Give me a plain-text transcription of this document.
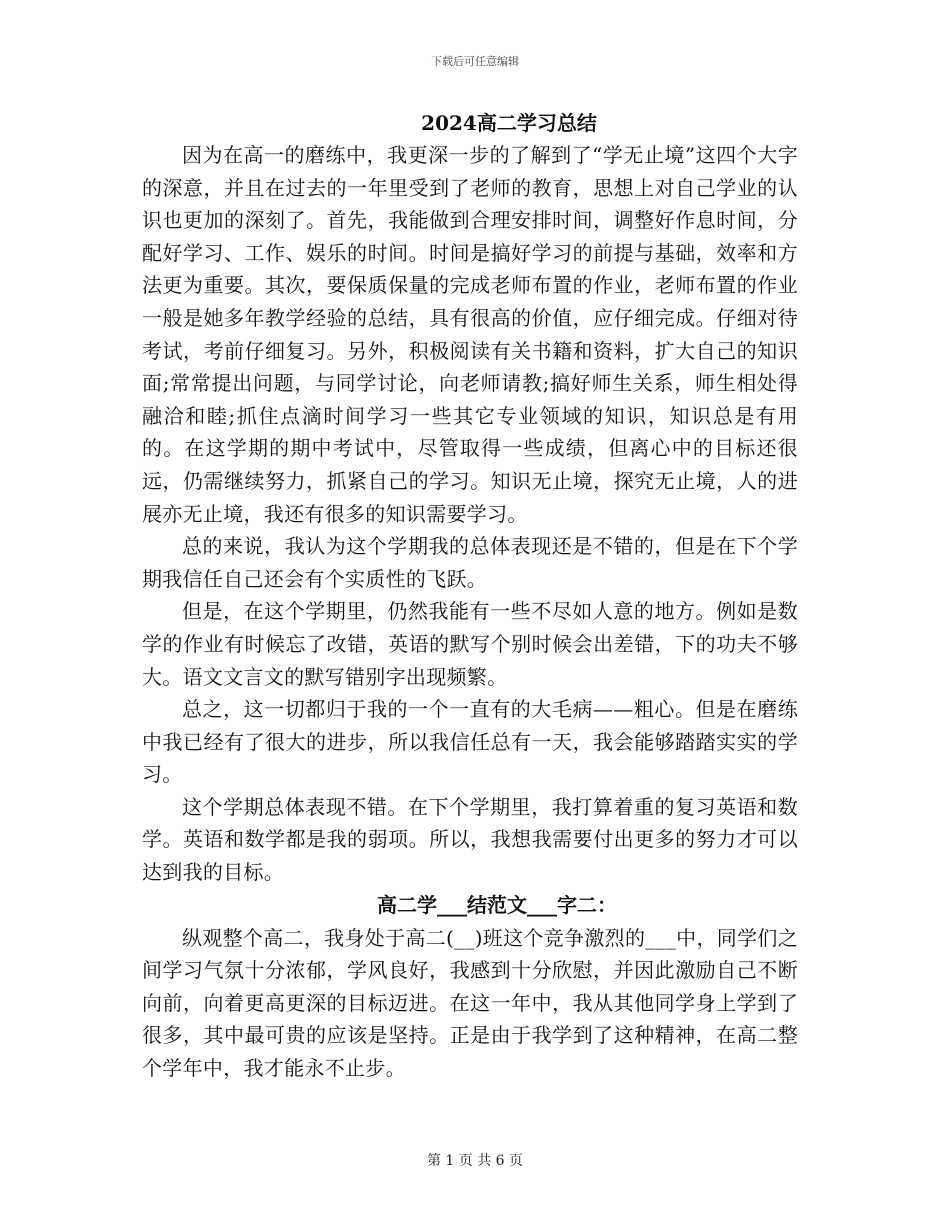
下载后可任意编辑
2024高二学习总结

因为在高一的磨练中，我更深一步的了解到了“学无止境”这四个大字的深意，并且在过去的一年里受到了老师的教育，思想上对自己学业的认识也更加的深刻了。首先，我能做到合理安排时间，调整好作息时间，分配好学习、工作、娱乐的时间。时间是搞好学习的前提与基础，效率和方法更为重要。其次，要保质保量的完成老师布置的作业，老师布置的作业一般是她多年教学经验的总结，具有很高的价值，应仔细完成。仔细对待考试，考前仔细复习。另外，积极阅读有关书籍和资料，扩大自己的知识面;常常提出问题，与同学讨论，向老师请教;搞好师生关系，师生相处得融洽和睦;抓住点滴时间学习一些其它专业领域的知识，知识总是有用的。在这学期的期中考试中，尽管取得一些成绩，但离心中的目标还很远，仍需继续努力，抓紧自己的学习。知识无止境，探究无止境，人的进展亦无止境，我还有很多的知识需要学习。

总的来说，我认为这个学期我的总体表现还是不错的，但是在下个学期我信任自己还会有个实质性的飞跃。

但是，在这个学期里，仍然我能有一些不尽如人意的地方。例如是数学的作业有时候忘了改错，英语的默写个别时候会出差错，下的功夫不够大。语文文言文的默写错别字出现频繁。

总之，这一切都归于我的一个一直有的大毛病——粗心。但是在磨练中我已经有了很大的进步，所以我信任总有一天，我会能够踏踏实实的学习。

这个学期总体表现不错。在下个学期里，我打算着重的复习英语和数学。英语和数学都是我的弱项。所以，我想我需要付出更多的努力才可以达到我的目标。

高二学___结范文___字二：

纵观整个高二，我身处于高二(__)班这个竞争激烈的___中，同学们之间学习气氛十分浓郁，学风良好，我感到十分欣慰，并因此激励自己不断向前，向着更高更深的目标迈进。在这一年中，我从其他同学身上学到了很多，其中最可贵的应该是坚持。正是由于我学到了这种精神，在高二整个学年中，我才能永不止步。

第 1 页 共 6 页
